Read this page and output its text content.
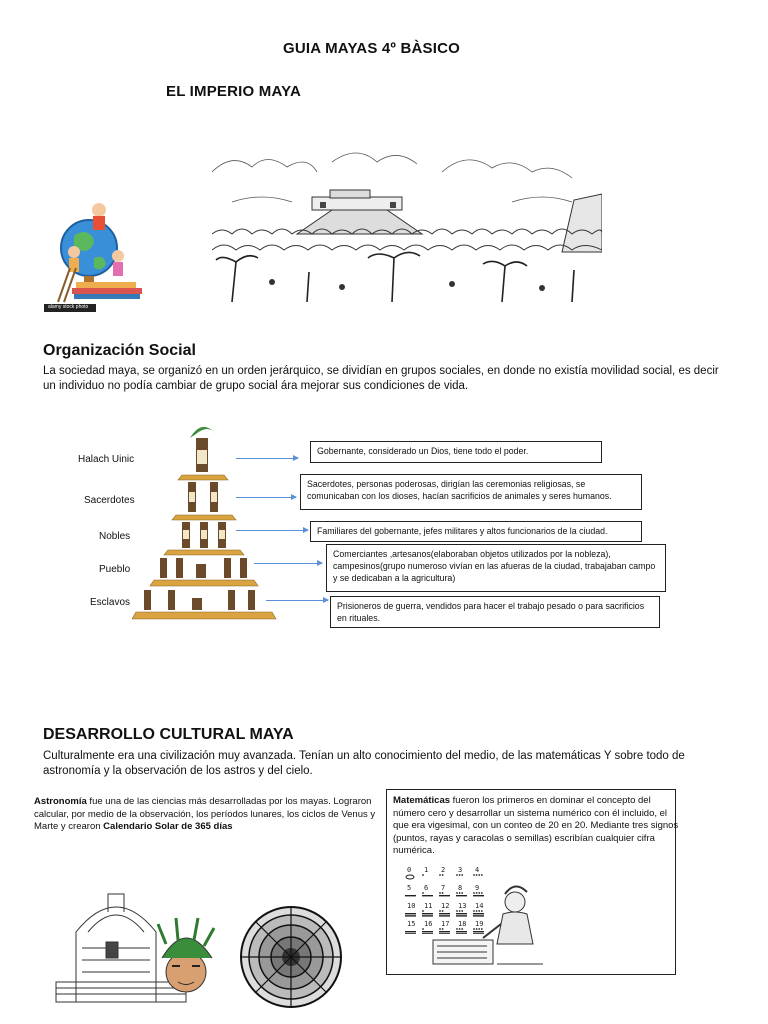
GUIA MAYAS 4º BÀSICO
EL IMPERIO MAYA
alamy stock photo
Organización Social
La sociedad maya, se organizó en un orden jerárquico, se dividían en grupos sociales, en donde no existía movilidad social, es decir un individuo no podía cambiar de grupo social ára mejorar sus condiciones de vida.
Halach Uinic
Sacerdotes
Nobles
Pueblo
Esclavos
Gobernante, considerado un Dios, tiene todo el poder.
Sacerdotes, personas poderosas, dirigían las ceremonias religiosas, se comunicaban con los dioses, hacían sacrificios de animales y seres humanos.
Familiares del gobernante, jefes militares y altos funcionarios de la ciudad.
Comerciantes ,artesanos(elaboraban objetos utilizados por la nobleza), campesinos(grupo numeroso vivían en las afueras de la ciudad, trabajaban campo y se dedicaban a la agricultura)
Prisioneros de guerra, vendidos para hacer el trabajo pesado o para sacrificios en rituales.
DESARROLLO CULTURAL MAYA
Culturalmente era una civilización muy avanzada. Tenían un alto conocimiento del medio, de las matemáticas Y sobre todo de astronomía y la observación de los astros y del cielo.
Astronomía fue una de las ciencias más desarrolladas por los mayas. Lograron calcular, por medio de la observación, los períodos lunares, los ciclos de Venus y Marte y crearon Calendario Solar de 365 días
Matemáticas fueron los primeros en dominar el concepto del número cero y desarrollar un sistema numérico con él incluido, el que era vigesimal, con un conteo de 20 en 20. Mediante tres signos (puntos, rayas y caracolas o semillas) escribían cualquier cifra numérica.
0 1 2 3 4
5 6 7 8 9
10 11 12 13 14
15 16 17 18 19
